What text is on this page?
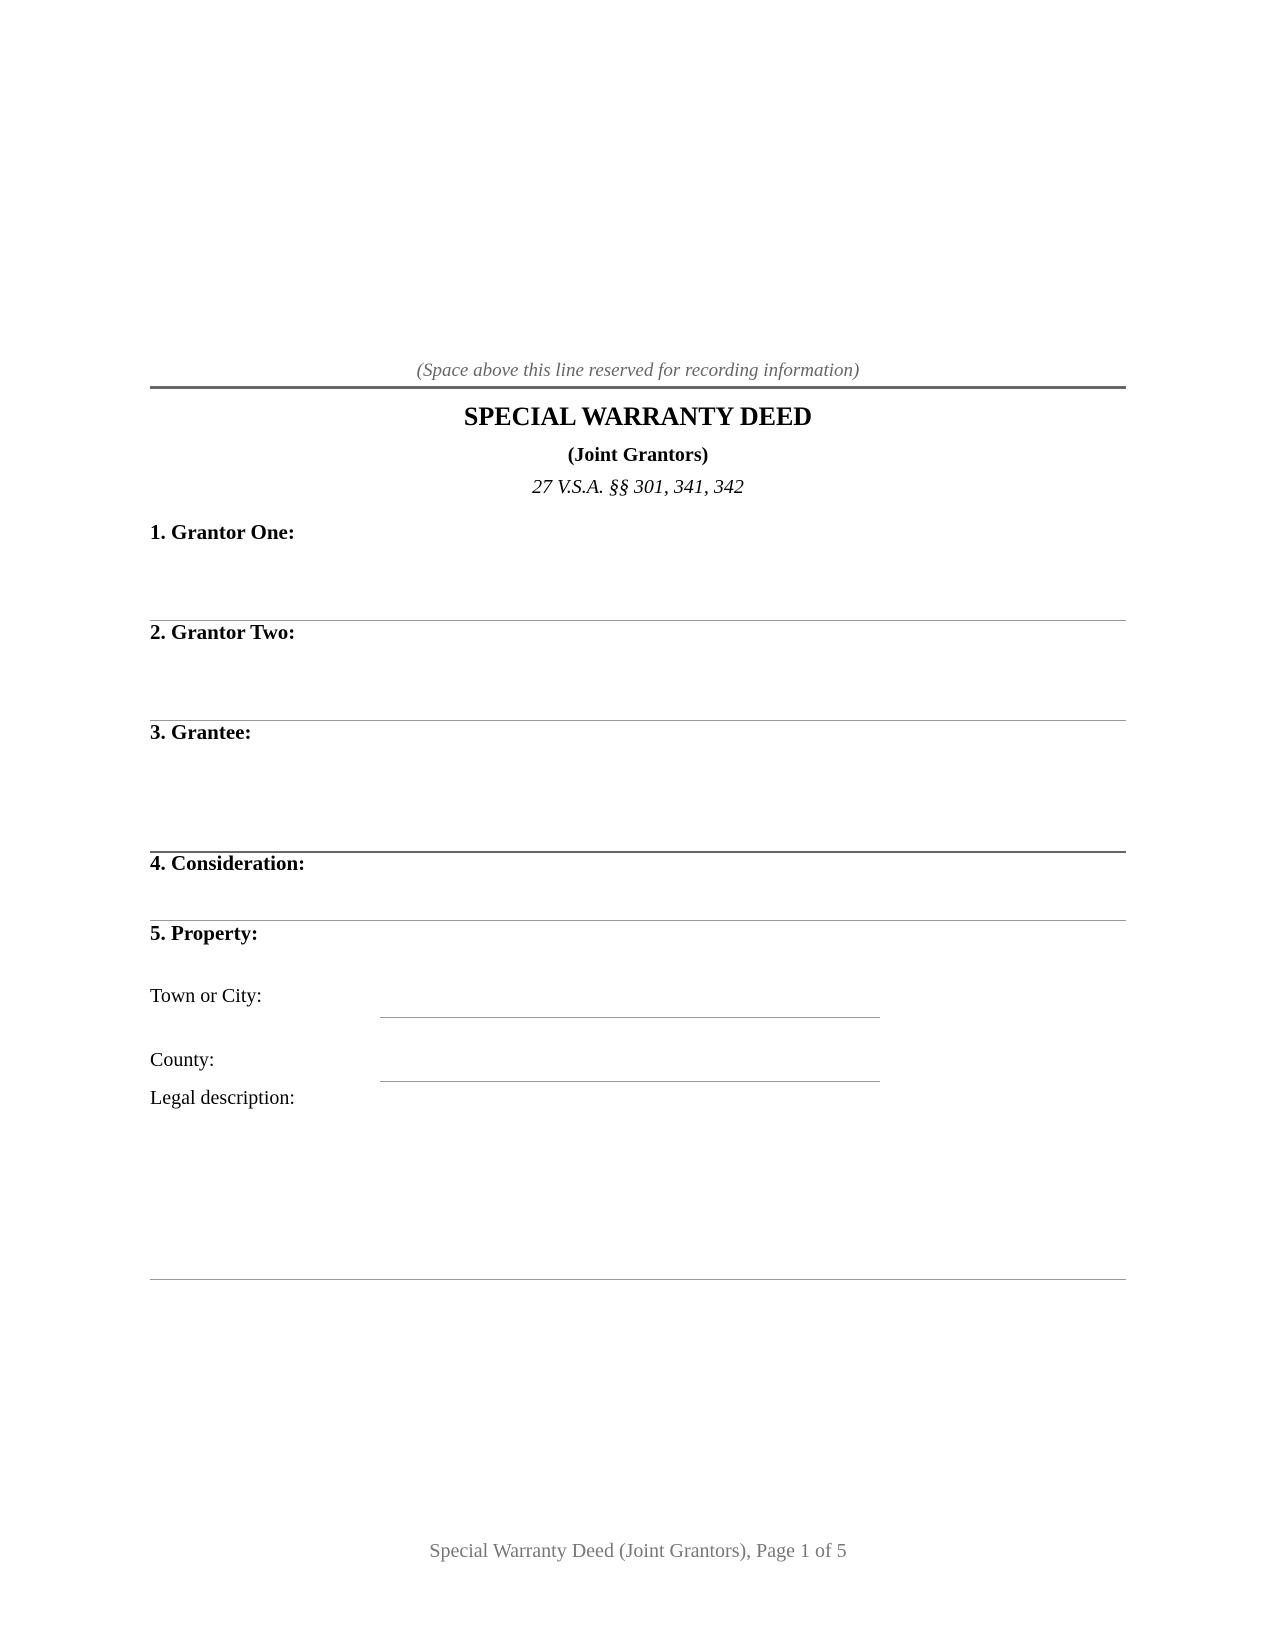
(Space above this line reserved for recording information)
SPECIAL WARRANTY DEED
(Joint Grantors)
27 V.S.A. §§ 301, 341, 342
1. Grantor One:
2. Grantor Two:
3. Grantee:
4. Consideration:
5. Property:
Town or City:
County:
Legal description:
Special Warranty Deed (Joint Grantors), Page 1 of 5
